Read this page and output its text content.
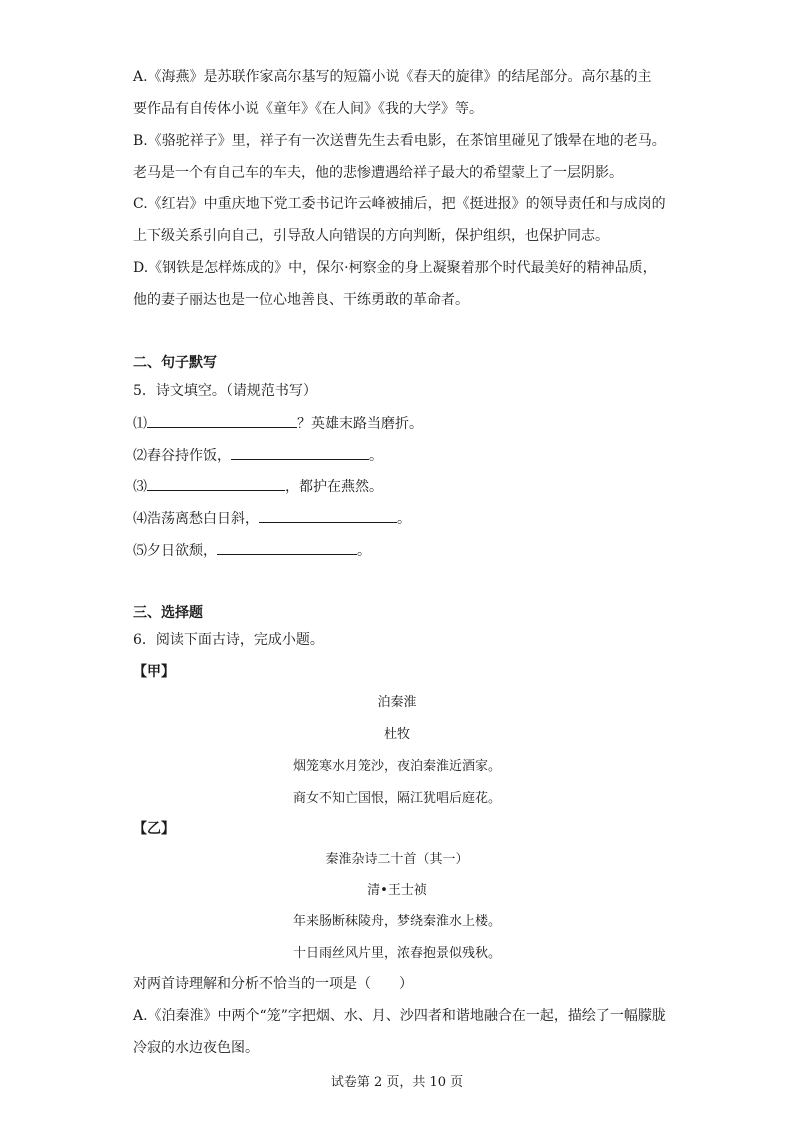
A.《海燕》是苏联作家高尔基写的短篇小说《春天的旋律》的结尾部分。高尔基的主
要作品有自传体小说《童年》《在人间》《我的大学》等。
B.《骆驼祥子》里，祥子有一次送曹先生去看电影，在茶馆里碰见了饿晕在地的老马。
老马是一个有自己车的车夫，他的悲惨遭遇给祥子最大的希望蒙上了一层阴影。
C.《红岩》中重庆地下党工委书记许云峰被捕后，把《挺进报》的领导责任和与成岗的
上下级关系引向自己，引导敌人向错误的方向判断，保护组织，也保护同志。
D.《钢铁是怎样炼成的》中，保尔·柯察金的身上凝聚着那个时代最美好的精神品质，
他的妻子丽达也是一位心地善良、干练勇敢的革命者。
二、句子默写
5．诗文填空。（请规范书写）
⑴	？英雄末路当磨折。
⑵舂谷持作饭，	。
⑶	，都护在燕然。
⑷浩荡离愁白日斜，	。
⑸夕日欲颓，	。
三、选择题
6．阅读下面古诗，完成小题。
【甲】
泊秦淮
杜牧
烟笼寒水月笼沙，夜泊秦淮近酒家。
商女不知亡国恨，隔江犹唱后庭花。
【乙】
秦淮杂诗二十首（其一）
清•王士祯
年来肠断秣陵舟，梦绕秦淮水上楼。
十日雨丝风片里，浓春抱景似残秋。
对两首诗理解和分析不恰当的一项是（　　）
A.《泊秦淮》中两个“笼”字把烟、水、月、沙四者和谐地融合在一起，描绘了一幅朦胧
冷寂的水边夜色图。
试卷第 2 页，共 10 页
